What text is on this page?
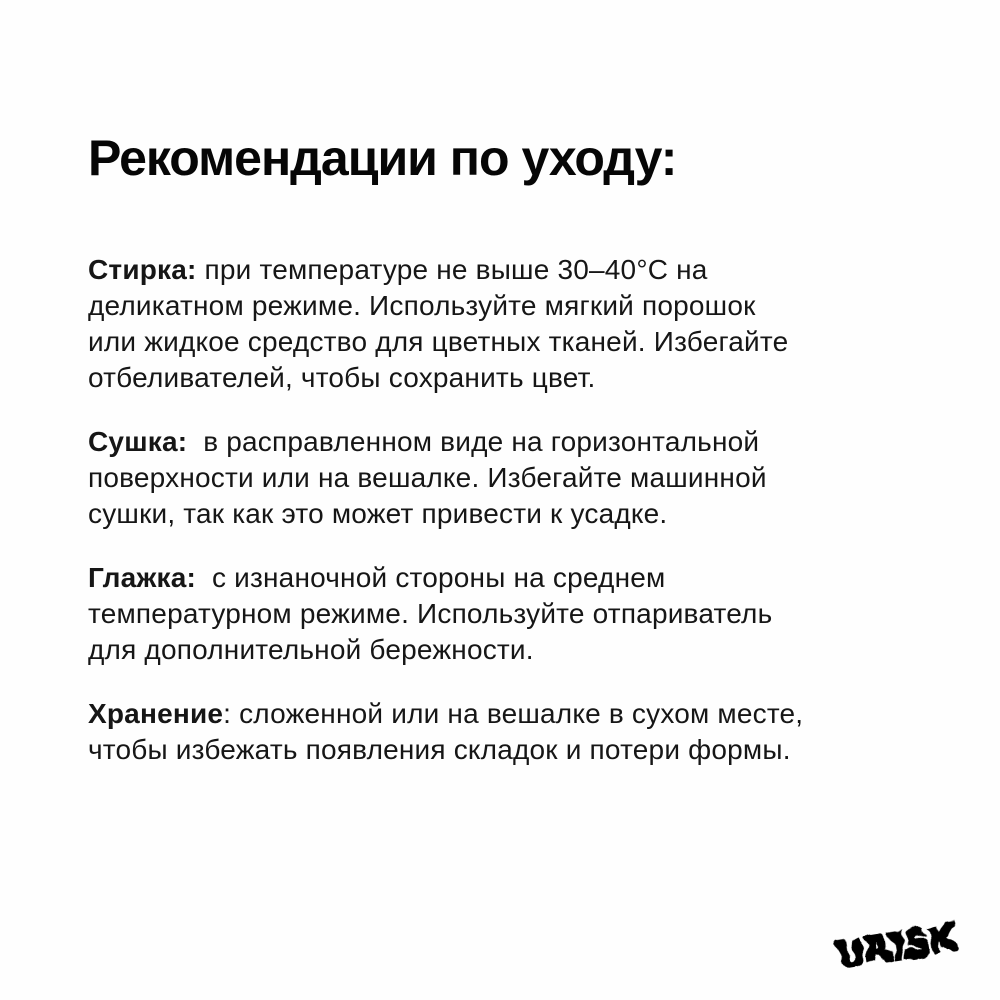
Рекомендации по уходу:

Стирка: при температуре не выше 30–40°C на
деликатном режиме. Используйте мягкий порошок
или жидкое средство для цветных тканей. Избегайте
отбеливателей, чтобы сохранить цвет.

Сушка:  в расправленном виде на горизонтальной
поверхности или на вешалке. Избегайте машинной
сушки, так как это может привести к усадке.

Глажка:  с изнаночной стороны на среднем
температурном режиме. Используйте отпариватель
для дополнительной бережности.

Хранение: сложенной или на вешалке в сухом месте,
чтобы избежать появления складок и потери формы.

URISK
